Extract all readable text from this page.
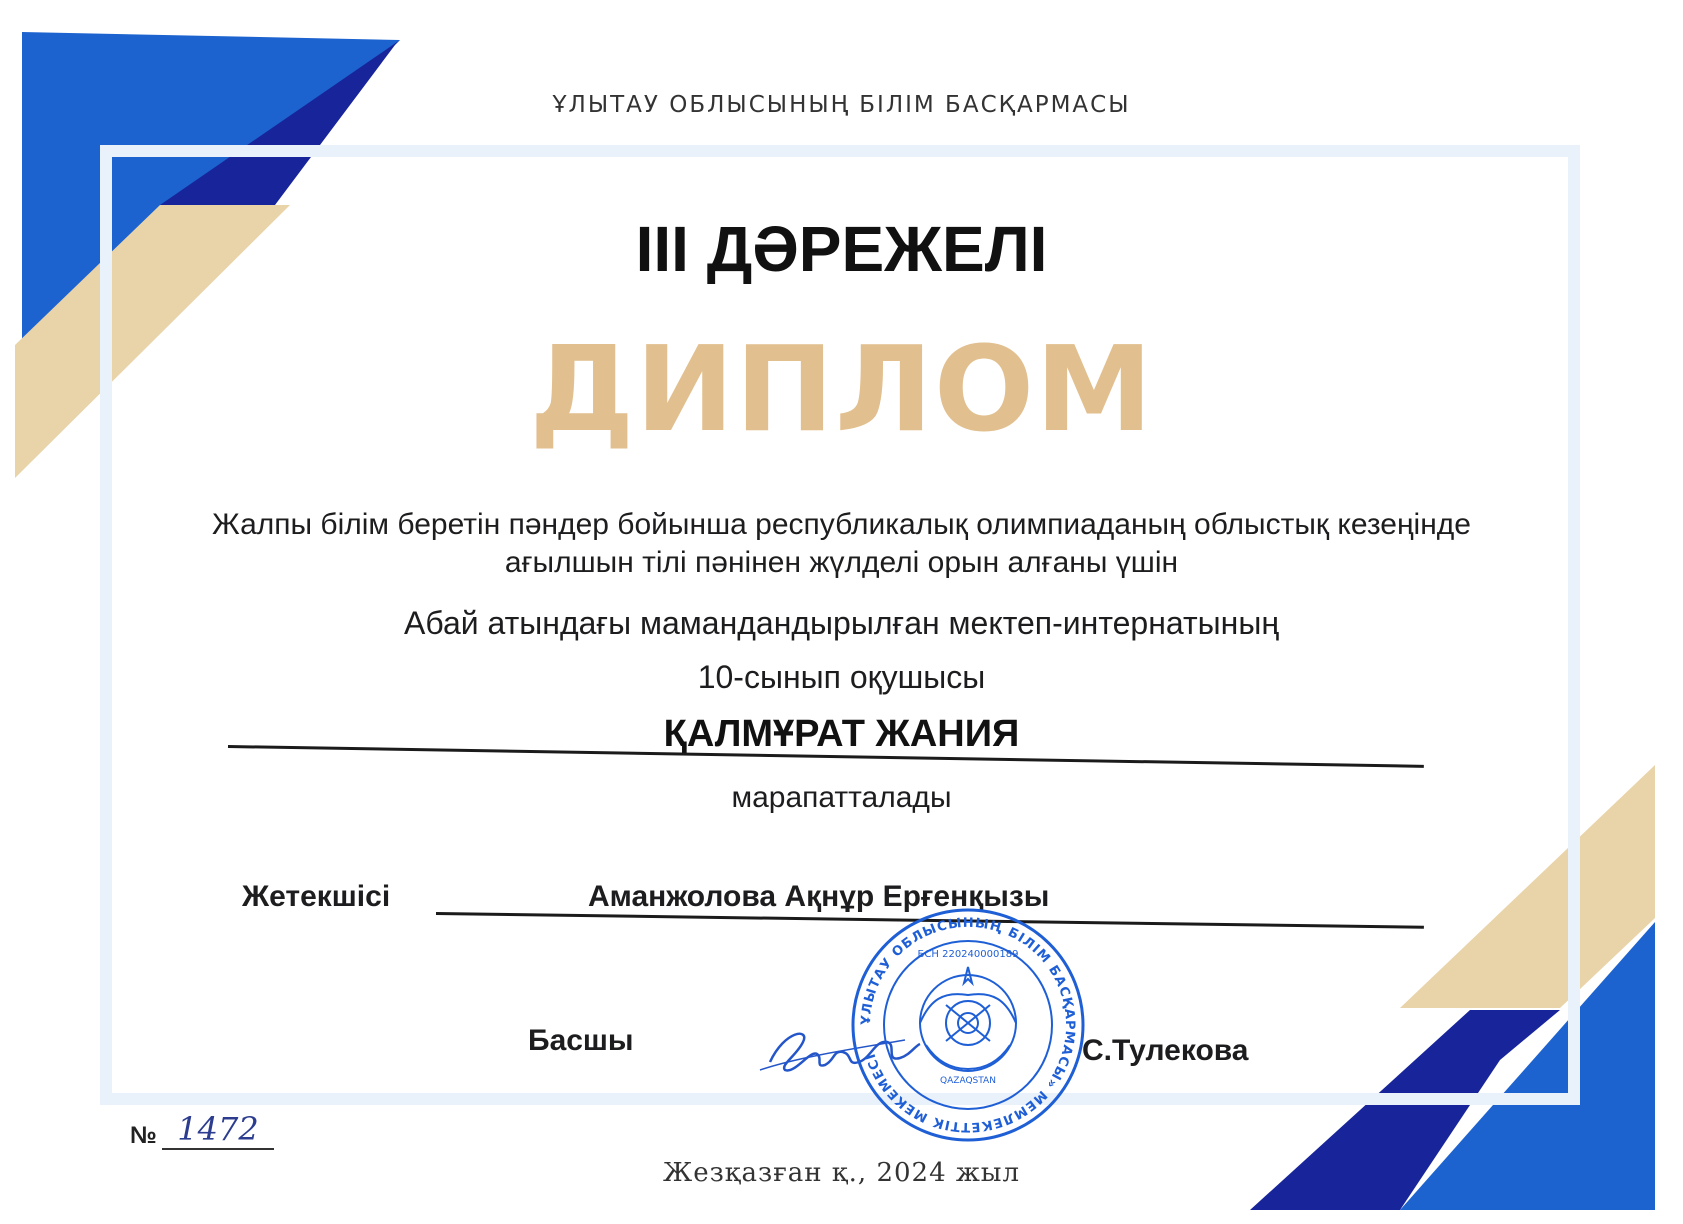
ҰЛЫТАУ ОБЛЫСЫНЫҢ БІЛІМ БАСҚАРМАСЫ
III ДӘРЕЖЕЛІ
ДИПЛОМ
Жалпы білім беретін пәндер бойынша республикалық олимпиаданың облыстық кезеңінде
ағылшын тілі пәнінен жүлделі орын алғаны үшін
Абай атындағы мамандандырылған мектеп-интернатының
10-сынып оқушысы
ҚАЛМҰРАТ ЖАНИЯ
марапатталады
Жетекшісі	Аманжолова Ақнұр Ерғенқызы
Басшы	С.Тулекова
ҰЛЫТАУ ОБЛЫСЫНЫҢ БІЛІМ БАСҚАРМАСЫ» МЕМЛЕКЕТТІК МЕКЕМЕСІ
БСН 220240000189
QAZAQSTAN
№ 1472
Жезқазған қ., 2024 жыл
